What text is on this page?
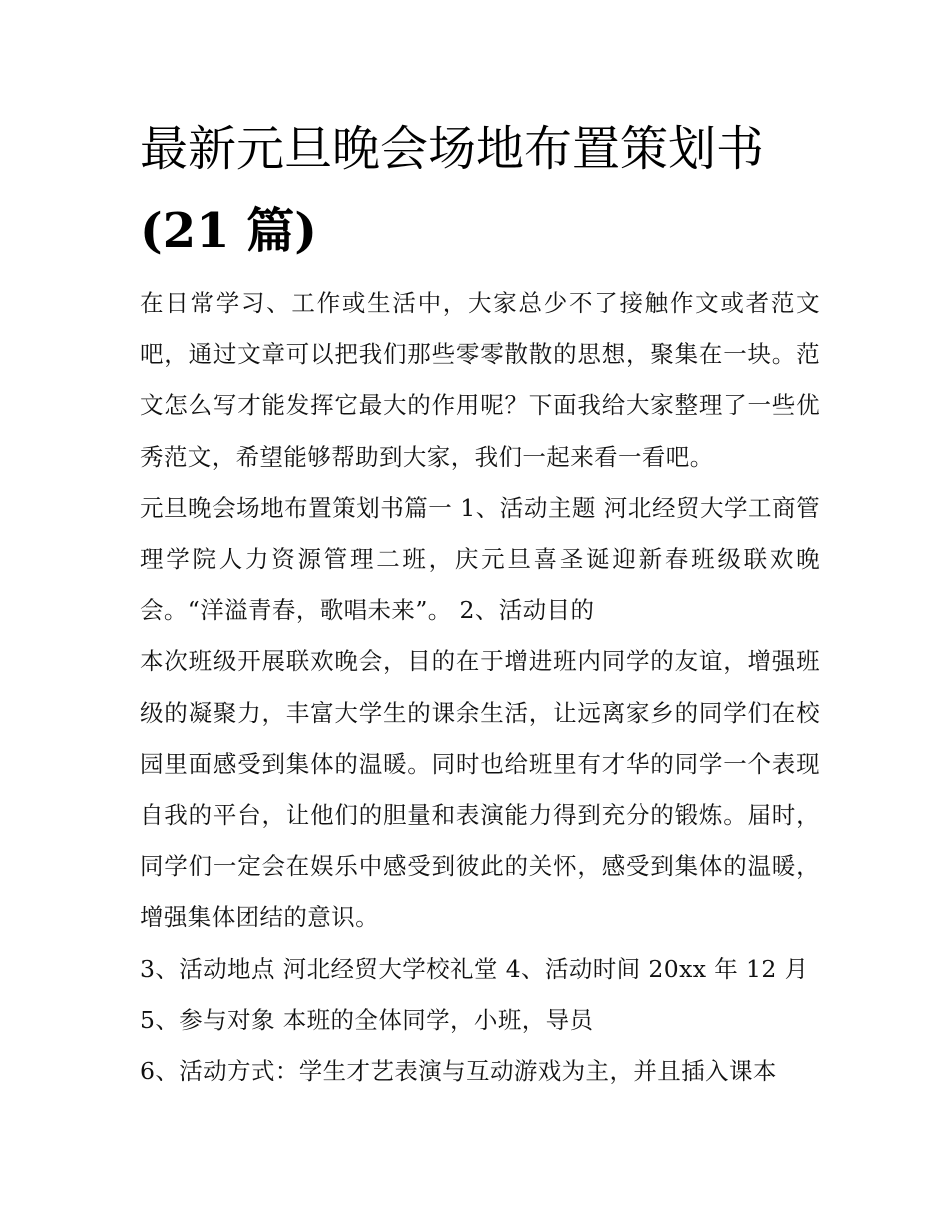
最新元旦晚会场地布置策划书
(21 篇)

在日常学习、工作或生活中，大家总少不了接触作文或者范文吧，通过文章可以把我们那些零零散散的思想，聚集在一块。范文怎么写才能发挥它最大的作用呢？下面我给大家整理了一些优秀范文，希望能够帮助到大家，我们一起来看一看吧。

元旦晚会场地布置策划书篇一 1、活动主题 河北经贸大学工商管理学院人力资源管理二班，庆元旦喜圣诞迎新春班级联欢晚会。“洋溢青春，歌唱未来”。 2、活动目的

本次班级开展联欢晚会，目的在于增进班内同学的友谊，增强班级的凝聚力，丰富大学生的课余生活，让远离家乡的同学们在校园里面感受到集体的温暖。同时也给班里有才华的同学一个表现自我的平台，让他们的胆量和表演能力得到充分的锻炼。届时，同学们一定会在娱乐中感受到彼此的关怀，感受到集体的温暖，增强集体团结的意识。

3、活动地点 河北经贸大学校礼堂 4、活动时间 20xx 年 12 月

5、参与对象 本班的全体同学，小班，导员

6、活动方式：学生才艺表演与互动游戏为主，并且插入课本
